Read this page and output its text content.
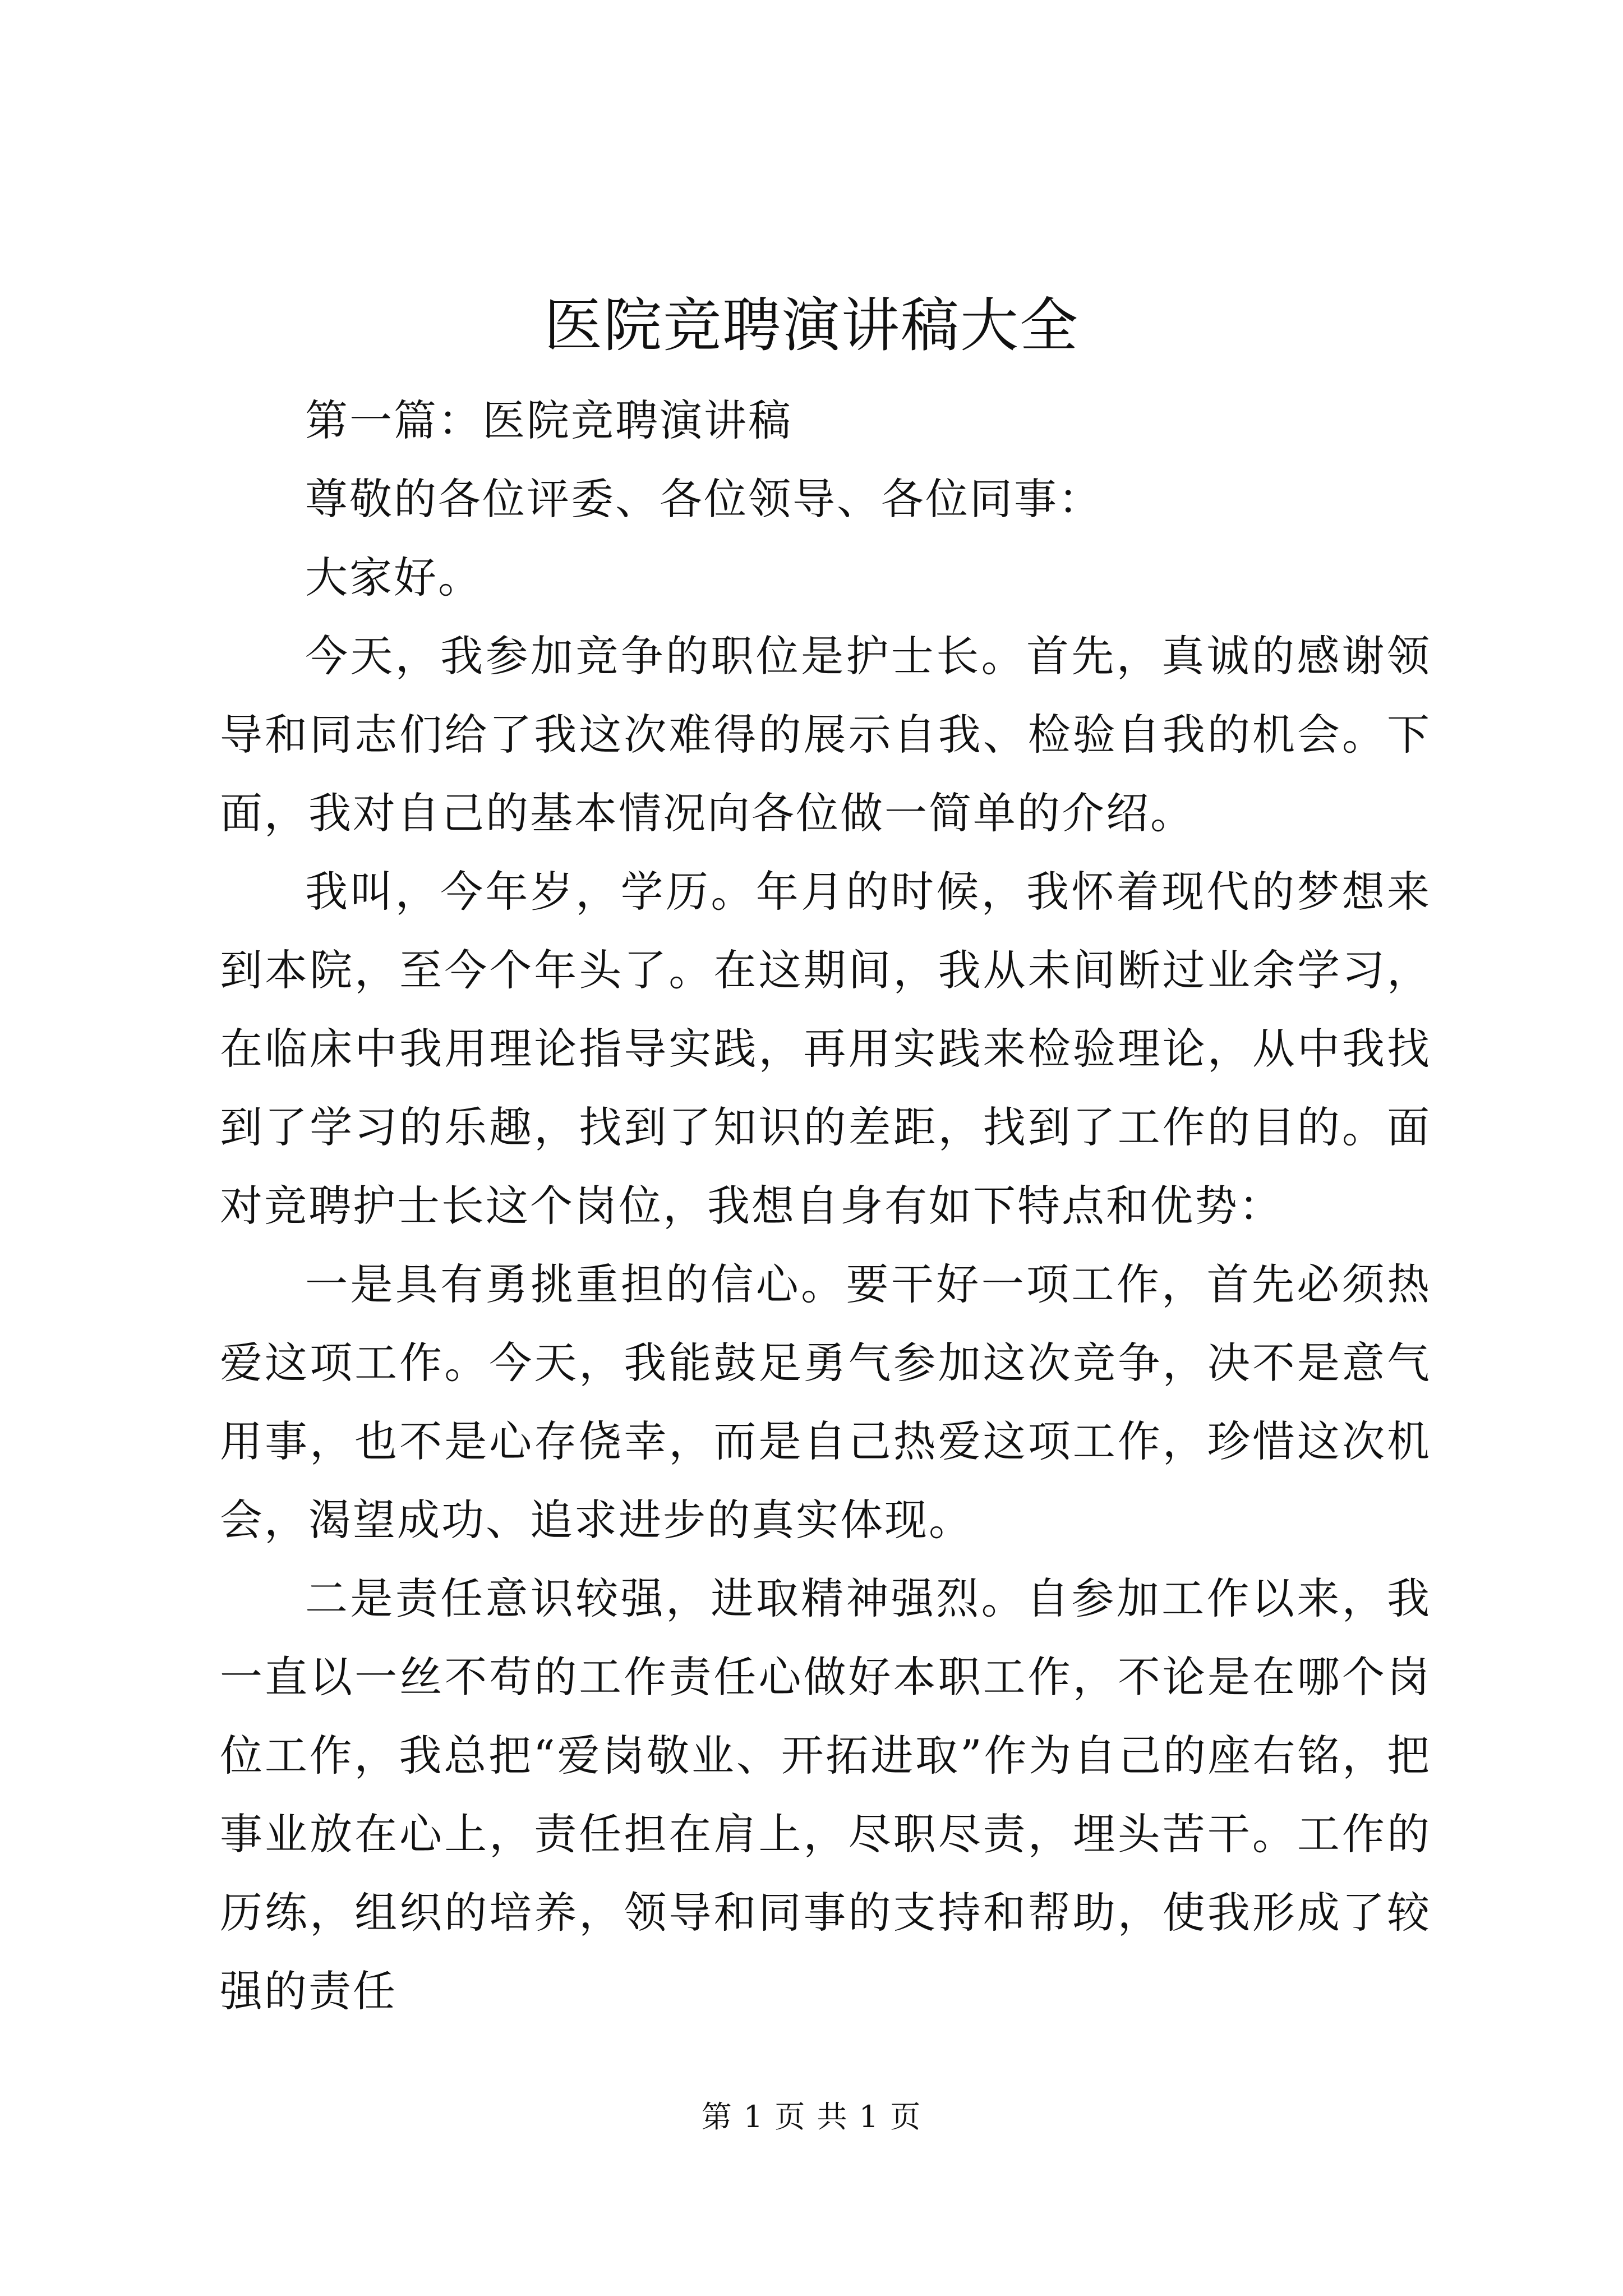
医院竞聘演讲稿大全

第一篇：医院竞聘演讲稿

尊敬的各位评委、各位领导、各位同事：

大家好。

今天，我参加竞争的职位是护士长。首先，真诚的感谢领导和同志们给了我这次难得的展示自我、检验自我的机会。下面，我对自己的基本情况向各位做一简单的介绍。

我叫，今年岁，学历。年月的时候，我怀着现代的梦想来到本院，至今个年头了。在这期间，我从未间断过业余学习，在临床中我用理论指导实践，再用实践来检验理论，从中我找到了学习的乐趣，找到了知识的差距，找到了工作的目的。面对竞聘护士长这个岗位，我想自身有如下特点和优势：

一是具有勇挑重担的信心。要干好一项工作，首先必须热爱这项工作。今天，我能鼓足勇气参加这次竞争，决不是意气用事，也不是心存侥幸，而是自己热爱这项工作，珍惜这次机会，渴望成功、追求进步的真实体现。

二是责任意识较强，进取精神强烈。自参加工作以来，我一直以一丝不苟的工作责任心做好本职工作，不论是在哪个岗位工作，我总把“爱岗敬业、开拓进取”作为自己的座右铭，把事业放在心上，责任担在肩上，尽职尽责，埋头苦干。工作的历练，组织的培养，领导和同事的支持和帮助，使我形成了较强的责任

第 1 页 共 1 页
